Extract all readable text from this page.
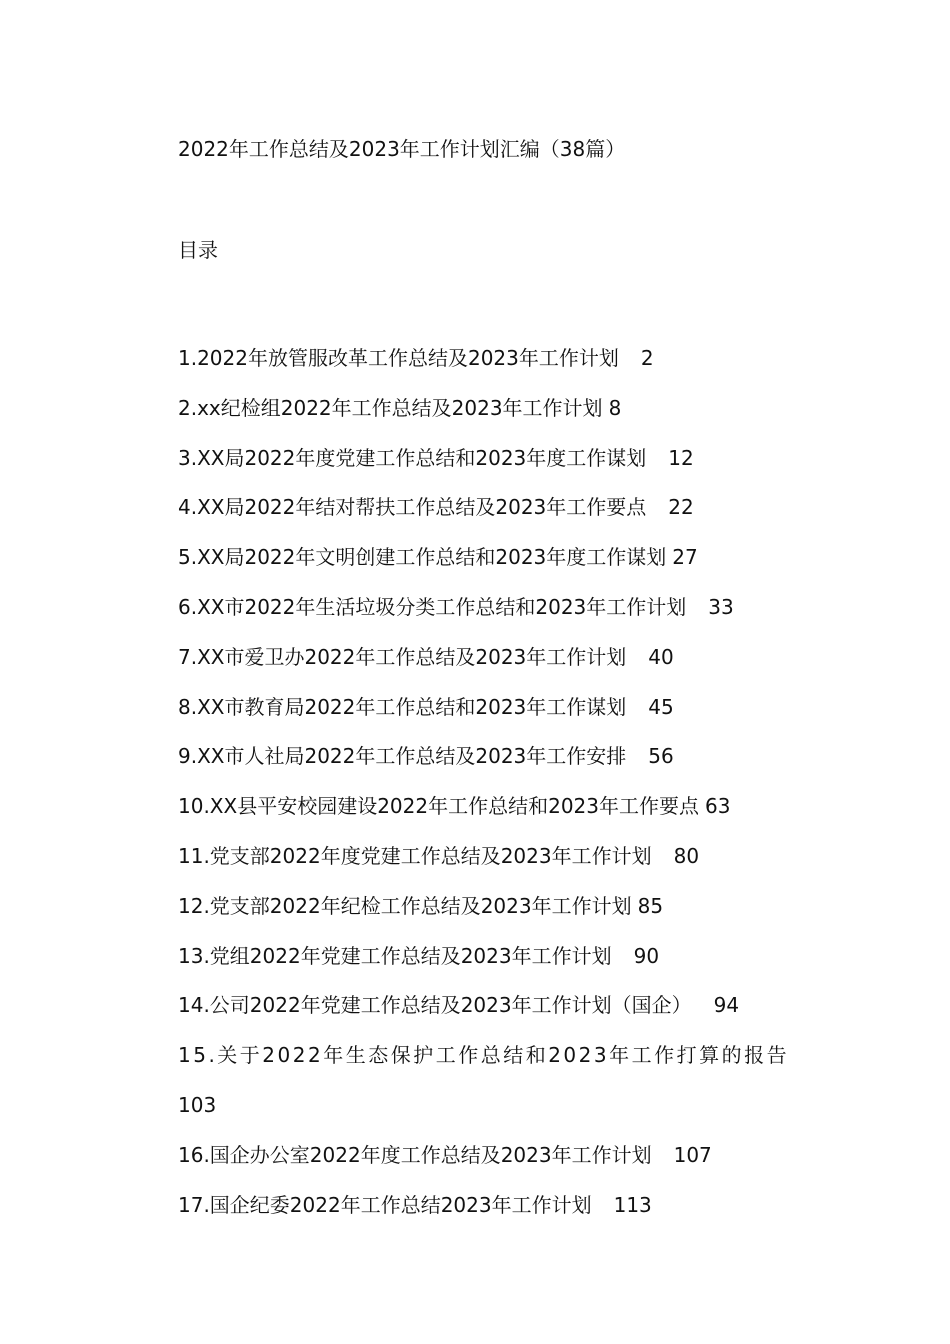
2022年工作总结及2023年工作计划汇编（38篇）
目录
1.2022年放管服改革工作总结及2023年工作计划 2
2.xx纪检组2022年工作总结及2023年工作计划 8
3.XX局2022年度党建工作总结和2023年度工作谋划 12
4.XX局2022年结对帮扶工作总结及2023年工作要点 22
5.XX局2022年文明创建工作总结和2023年度工作谋划 27
6.XX市2022年生活垃圾分类工作总结和2023年工作计划 33
7.XX市爱卫办2022年工作总结及2023年工作计划 40
8.XX市教育局2022年工作总结和2023年工作谋划 45
9.XX市人社局2022年工作总结及2023年工作安排 56
10.XX县平安校园建设2022年工作总结和2023年工作要点 63
11.党支部2022年度党建工作总结及2023年工作计划 80
12.党支部2022年纪检工作总结及2023年工作计划 85
13.党组2022年党建工作总结及2023年工作计划 90
14.公司2022年党建工作总结及2023年工作计划（国企） 94
15.关于2022年生态保护工作总结和2023年工作打算的报告
103
16.国企办公室2022年度工作总结及2023年工作计划 107
17.国企纪委2022年工作总结2023年工作计划 113
